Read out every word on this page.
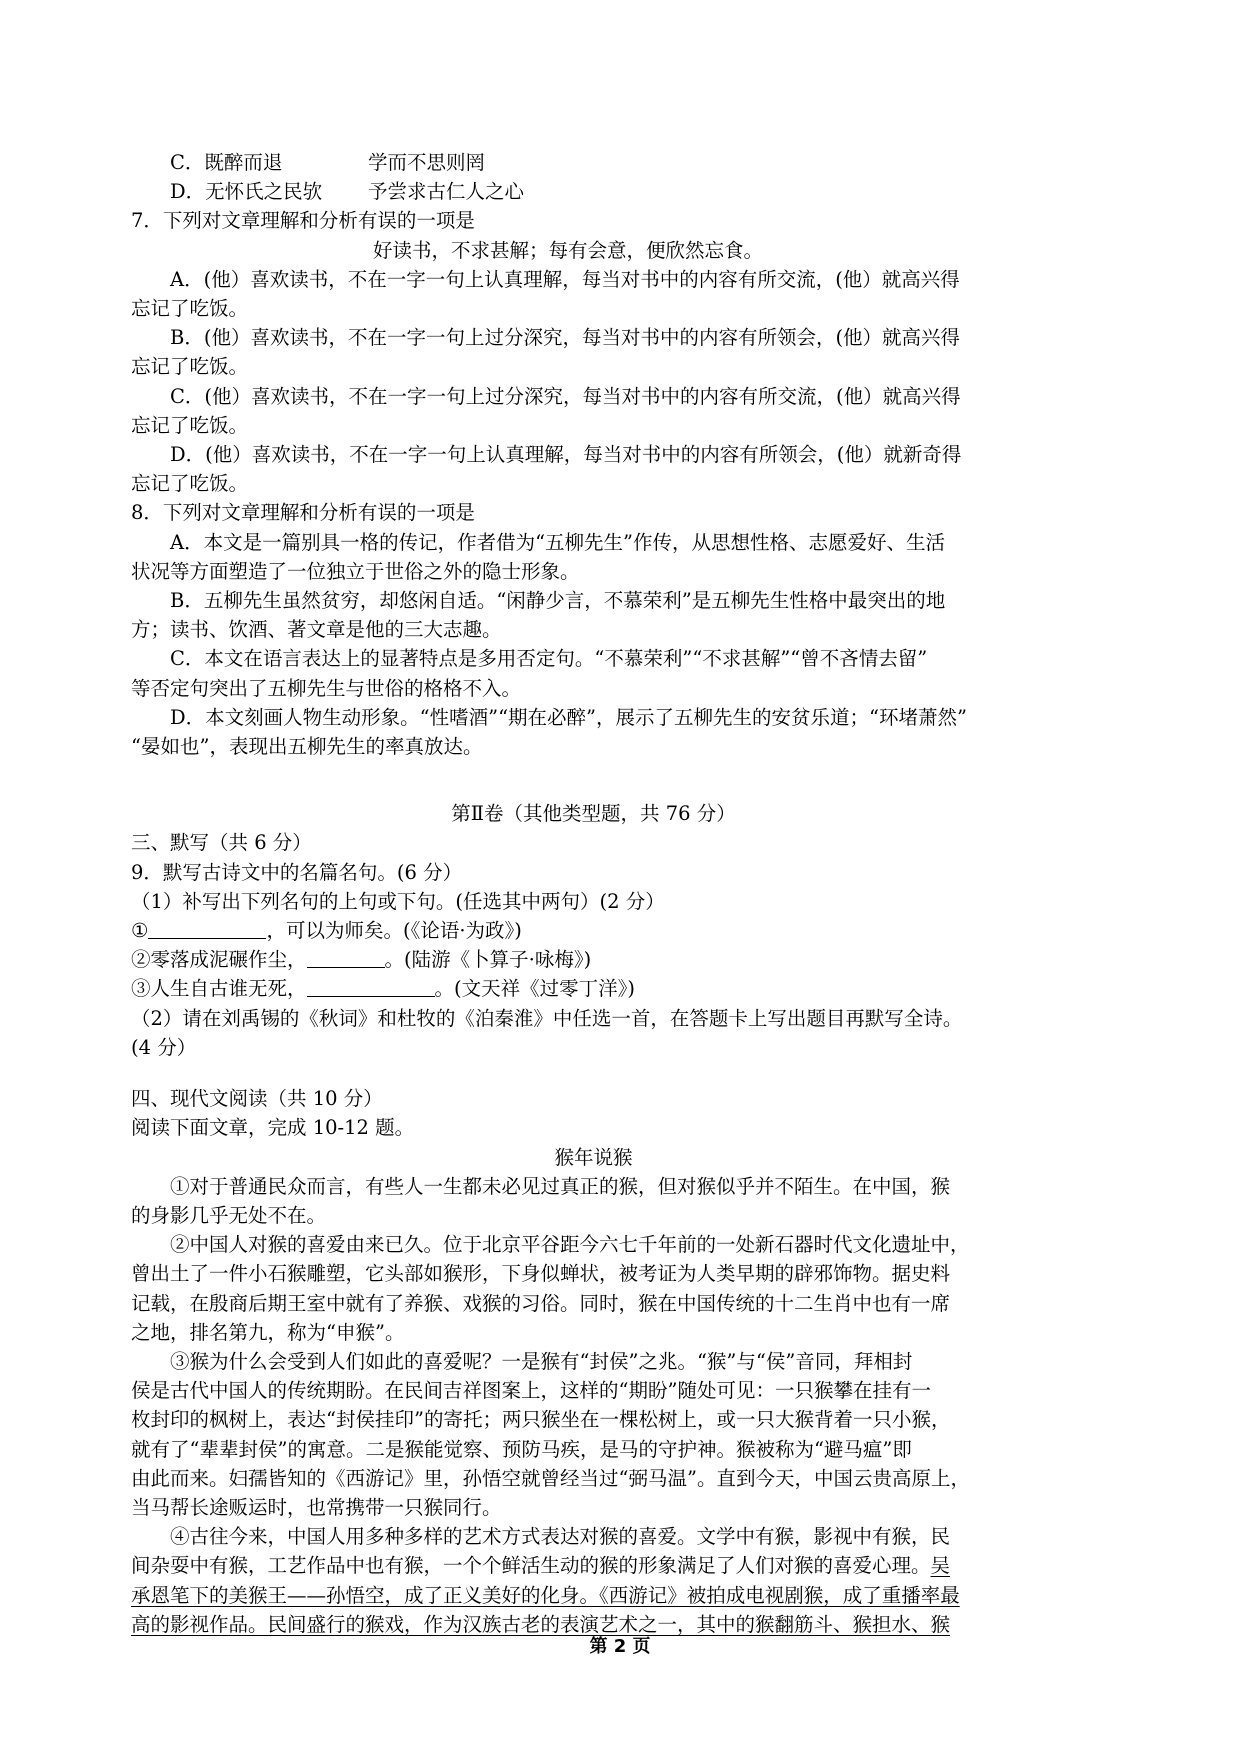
C．既醉而退	学而不思则罔
D．无怀氏之民欤 予尝求古仁人之心
7．下列对文章理解和分析有误的一项是
好读书，不求甚解；每有会意，便欣然忘食。
A．(他）喜欢读书，不在一字一句上认真理解，每当对书中的内容有所交流，(他）就高兴得
忘记了吃饭。
B．(他）喜欢读书，不在一字一句上过分深究，每当对书中的内容有所领会，(他）就高兴得
忘记了吃饭。
C．(他）喜欢读书，不在一字一句上过分深究，每当对书中的内容有所交流，(他）就高兴得
忘记了吃饭。
D．(他）喜欢读书，不在一字一句上认真理解，每当对书中的内容有所领会，(他）就新奇得
忘记了吃饭。
8．下列对文章理解和分析有误的一项是
A．本文是一篇别具一格的传记，作者借为“五柳先生”作传，从思想性格、志愿爱好、生活
状况等方面塑造了一位独立于世俗之外的隐士形象。
B．五柳先生虽然贫穷，却悠闲自适。“闲静少言，不慕荣利”是五柳先生性格中最突出的地
方；读书、饮酒、著文章是他的三大志趣。
C．本文在语言表达上的显著特点是多用否定句。“不慕荣利”“不求甚解”“曾不吝情去留”
等否定句突出了五柳先生与世俗的格格不入。
D．本文刻画人物生动形象。“性嗜酒”“期在必醉”，展示了五柳先生的安贫乐道；“环堵萧然”
“晏如也”，表现出五柳先生的率真放达。
第Ⅱ卷（其他类型题，共 76 分）
三、默写（共 6 分）
9．默写古诗文中的名篇名句。(6 分）
（1）补写出下列名句的上句或下句。(任选其中两句）(2 分）
①	，可以为师矣。(《论语·为政》)
②零落成泥碾作尘，	。(陆游《卜算子·咏梅》)
③人生自古谁无死，	。(文天祥《过零丁洋》)
（2）请在刘禹锡的《秋词》和杜牧的《泊秦淮》中任选一首，在答题卡上写出题目再默写全诗。
(4 分）
四、现代文阅读（共 10 分）
阅读下面文章，完成 10-12 题。
猴年说猴
①对于普通民众而言，有些人一生都未必见过真正的猴，但对猴似乎并不陌生。在中国，猴
的身影几乎无处不在。
②中国人对猴的喜爱由来已久。位于北京平谷距今六七千年前的一处新石器时代文化遗址中，
曾出土了一件小石猴雕塑，它头部如猴形，下身似蝉状，被考证为人类早期的辟邪饰物。据史料
记载，在殷商后期王室中就有了养猴、戏猴的习俗。同时，猴在中国传统的十二生肖中也有一席
之地，排名第九，称为“申猴”。
③猴为什么会受到人们如此的喜爱呢？一是猴有“封侯”之兆。“猴”与“侯”音同，拜相封
侯是古代中国人的传统期盼。在民间吉祥图案上，这样的“期盼”随处可见：一只猴攀在挂有一
枚封印的枫树上，表达“封侯挂印”的寄托；两只猴坐在一棵松树上，或一只大猴背着一只小猴，
就有了“辈辈封侯”的寓意。二是猴能觉察、预防马疾，是马的守护神。猴被称为“避马瘟”即
由此而来。妇孺皆知的《西游记》里，孙悟空就曾经当过“弼马温”。直到今天，中国云贵高原上，
当马帮长途贩运时，也常携带一只猴同行。
④古往今来，中国人用多种多样的艺术方式表达对猴的喜爱。文学中有猴，影视中有猴，民
间杂耍中有猴，工艺作品中也有猴，一个个鲜活生动的猴的形象满足了人们对猴的喜爱心理。吴
承恩笔下的美猴王——孙悟空，成了正义美好的化身。《西游记》被拍成电视剧猴，成了重播率最
高的影视作品。民间盛行的猴戏，作为汉族古老的表演艺术之一，其中的猴翻筋斗、猴担水、猴
第 2 页
